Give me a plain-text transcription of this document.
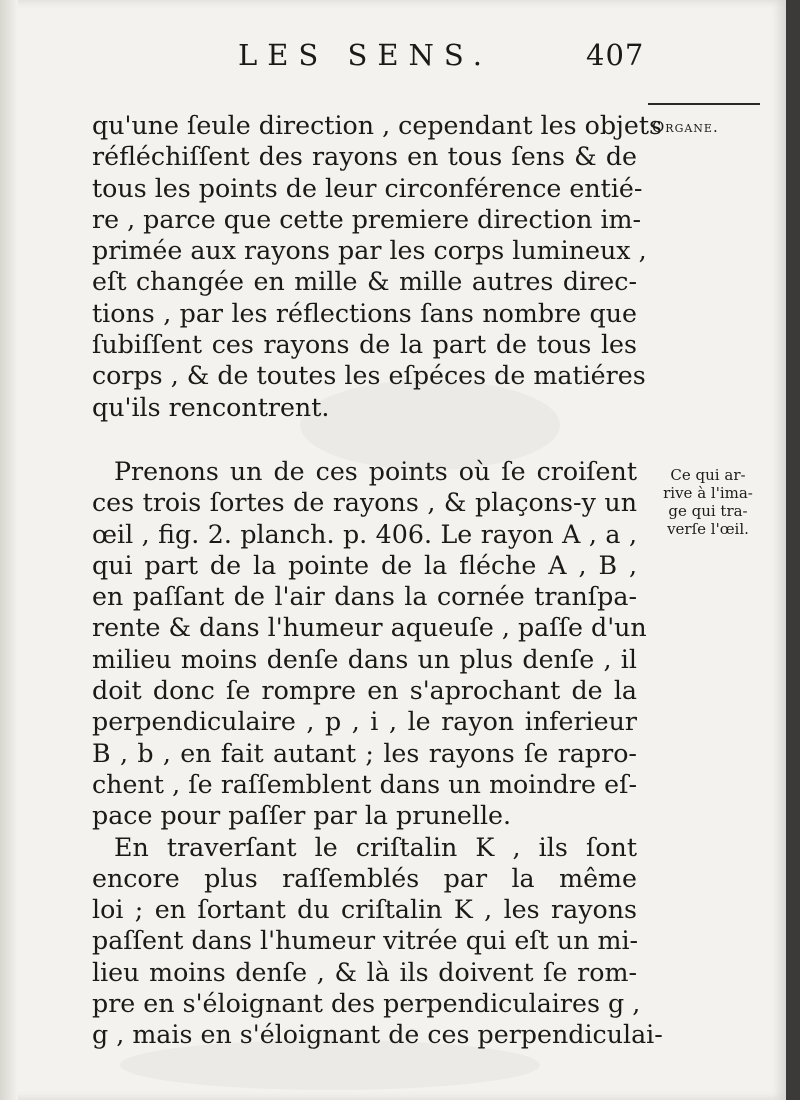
LES SENS.	407
Organe.
Ce qui ar-
rive à l'ima-
ge qui tra-
verſe l'œil.
qu'une ſeule direction , cependant les objets
réfléchiſſent des rayons en tous ſens & de
tous les points de leur circonférence entié-
re , parce que cette premiere direction im-
primée aux rayons par les corps lumineux ,
eſt changée en mille & mille autres direc-
tions , par les réflections ſans nombre que
ſubiſſent ces rayons de la part de tous les
corps , & de toutes les eſpéces de matiéres
qu'ils rencontrent.
Prenons un de ces points où ſe croiſent
ces trois ſortes de rayons , & plaçons-y un
œil , fig. 2. planch. p. 406. Le rayon A , a ,
qui part de la pointe de la fléche A , B ,
en paſſant de l'air dans la cornée tranſpa-
rente & dans l'humeur aqueuſe , paſſe d'un
milieu moins denſe dans un plus denſe , il
doit donc ſe rompre en s'aprochant de la
perpendiculaire , p , i , le rayon inferieur
B , b , en fait autant ; les rayons ſe rapro-
chent , ſe raſſemblent dans un moindre eſ-
pace pour paſſer par la prunelle.
En traverſant le criſtalin K , ils ſont
encore plus raſſemblés par la même
loi ; en ſortant du criſtalin K , les rayons
paſſent dans l'humeur vitrée qui eſt un mi-
lieu moins denſe , & là ils doivent ſe rom-
pre en s'éloignant des perpendiculaires g ,
g , mais en s'éloignant de ces perpendiculai-
